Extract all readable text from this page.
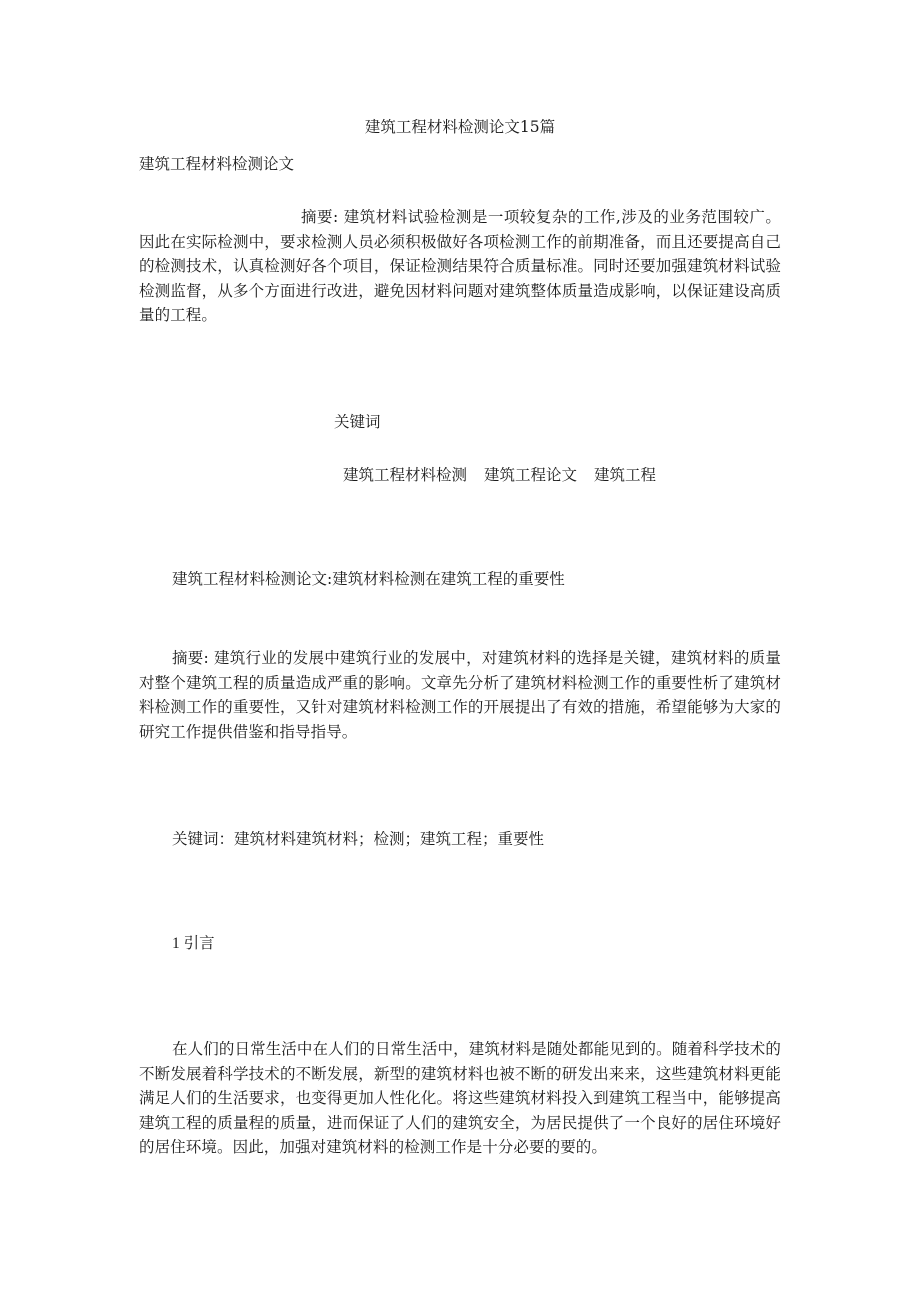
建筑工程材料检测论文15篇
建筑工程材料检测论文

摘要: 建筑材料试验检测是一项较复杂的工作,涉及的业务范围较广。因此在实际检测中，要求检测人员必须积极做好各项检测工作的前期准备，而且还要提高自己的检测技术，认真检测好各个项目，保证检测结果符合质量标准。同时还要加强建筑材料试验检测监督，从多个方面进行改进，避免因材料问题对建筑整体质量造成影响，以保证建设高质量的工程。

关键词
建筑工程材料检测 建筑工程论文 建筑工程
建筑工程材料检测论文:建筑材料检测在建筑工程的重要性

摘要: 建筑行业的发展中建筑行业的发展中，对建筑材料的选择是关键，建筑材料的质量对整个建筑工程的质量造成严重的影响。文章先分析了建筑材料检测工作的重要性析了建筑材料检测工作的重要性，又针对建筑材料检测工作的开展提出了有效的措施，希望能够为大家的研究工作提供借鉴和指导指导。

关键词：建筑材料建筑材料；检测；建筑工程；重要性
1 引言

在人们的日常生活中在人们的日常生活中，建筑材料是随处都能见到的。随着科学技术的不断发展着科学技术的不断发展，新型的建筑材料也被不断的研发出来来，这些建筑材料更能满足人们的生活要求，也变得更加人性化化。将这些建筑材料投入到建筑工程当中，能够提高建筑工程的质量程的质量，进而保证了人们的建筑安全，为居民提供了一个良好的居住环境好的居住环境。因此，加强对建筑材料的检测工作是十分必要的要的。
